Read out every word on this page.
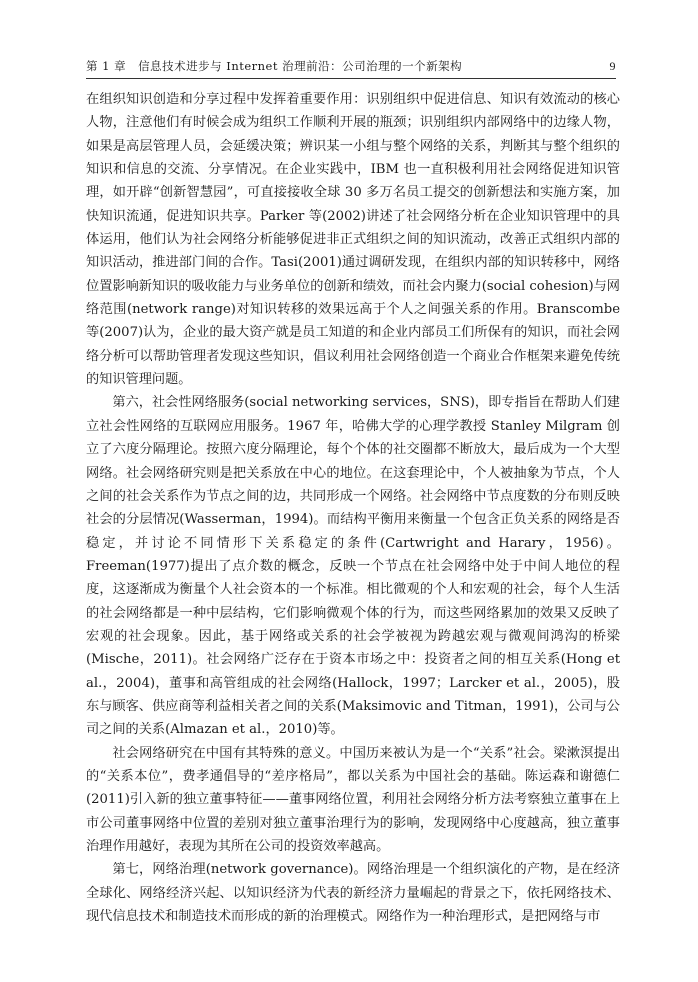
第 1 章　信息技术进步与 Internet 治理前沿：公司治理的一个新架构	9

在组织知识创造和分享过程中发挥着重要作用：识别组织中促进信息、知识有效流动的核心人物，注意他们有时候会成为组织工作顺利开展的瓶颈；识别组织内部网络中的边缘人物，如果是高层管理人员，会延缓决策；辨识某一小组与整个网络的关系，判断其与整个组织的知识和信息的交流、分享情况。在企业实践中，IBM 也一直积极利用社会网络促进知识管理，如开辟“创新智慧园”，可直接接收全球 30 多万名员工提交的创新想法和实施方案，加快知识流通，促进知识共享。Parker 等(2002)讲述了社会网络分析在企业知识管理中的具体运用，他们认为社会网络分析能够促进非正式组织之间的知识流动，改善正式组织内部的知识活动，推进部门间的合作。Tasi(2001)通过调研发现，在组织内部的知识转移中，网络位置影响新知识的吸收能力与业务单位的创新和绩效，而社会内聚力(social cohesion)与网络范围(network range)对知识转移的效果远高于个人之间强关系的作用。Branscombe 等(2007)认为，企业的最大资产就是员工知道的和企业内部员工们所保有的知识，而社会网络分析可以帮助管理者发现这些知识，倡议利用社会网络创造一个商业合作框架来避免传统的知识管理问题。

第六，社会性网络服务(social networking services，SNS)，即专指旨在帮助人们建立社会性网络的互联网应用服务。1967 年，哈佛大学的心理学教授 Stanley Milgram 创立了六度分隔理论。按照六度分隔理论，每个个体的社交圈都不断放大，最后成为一个大型网络。社会网络研究则是把关系放在中心的地位。在这套理论中，个人被抽象为节点，个人之间的社会关系作为节点之间的边，共同形成一个网络。社会网络中节点度数的分布则反映社会的分层情况(Wasserman，1994)。而结构平衡用来衡量一个包含正负关系的网络是否稳定，并讨论不同情形下关系稳定的条件(Cartwright and Harary，1956)。Freeman(1977)提出了点介数的概念，反映一个节点在社会网络中处于中间人地位的程度，这逐渐成为衡量个人社会资本的一个标准。相比微观的个人和宏观的社会，每个人生活的社会网络都是一种中层结构，它们影响微观个体的行为，而这些网络累加的效果又反映了宏观的社会现象。因此，基于网络或关系的社会学被视为跨越宏观与微观间鸿沟的桥梁(Mische，2011)。社会网络广泛存在于资本市场之中：投资者之间的相互关系(Hong et al.，2004)，董事和高管组成的社会网络(Hallock，1997；Larcker et al.，2005)，股东与顾客、供应商等利益相关者之间的关系(Maksimovic and Titman，1991)，公司与公司之间的关系(Almazan et al.，2010)等。

社会网络研究在中国有其特殊的意义。中国历来被认为是一个“关系”社会。梁漱溟提出的“关系本位”，费孝通倡导的“差序格局”，都以关系为中国社会的基础。陈运森和谢德仁(2011)引入新的独立董事特征——董事网络位置，利用社会网络分析方法考察独立董事在上市公司董事网络中位置的差别对独立董事治理行为的影响，发现网络中心度越高，独立董事治理作用越好，表现为其所在公司的投资效率越高。

第七，网络治理(network governance)。网络治理是一个组织演化的产物，是在经济全球化、网络经济兴起、以知识经济为代表的新经济力量崛起的背景之下，依托网络技术、现代信息技术和制造技术而形成的新的治理模式。网络作为一种治理形式，是把网络与市
